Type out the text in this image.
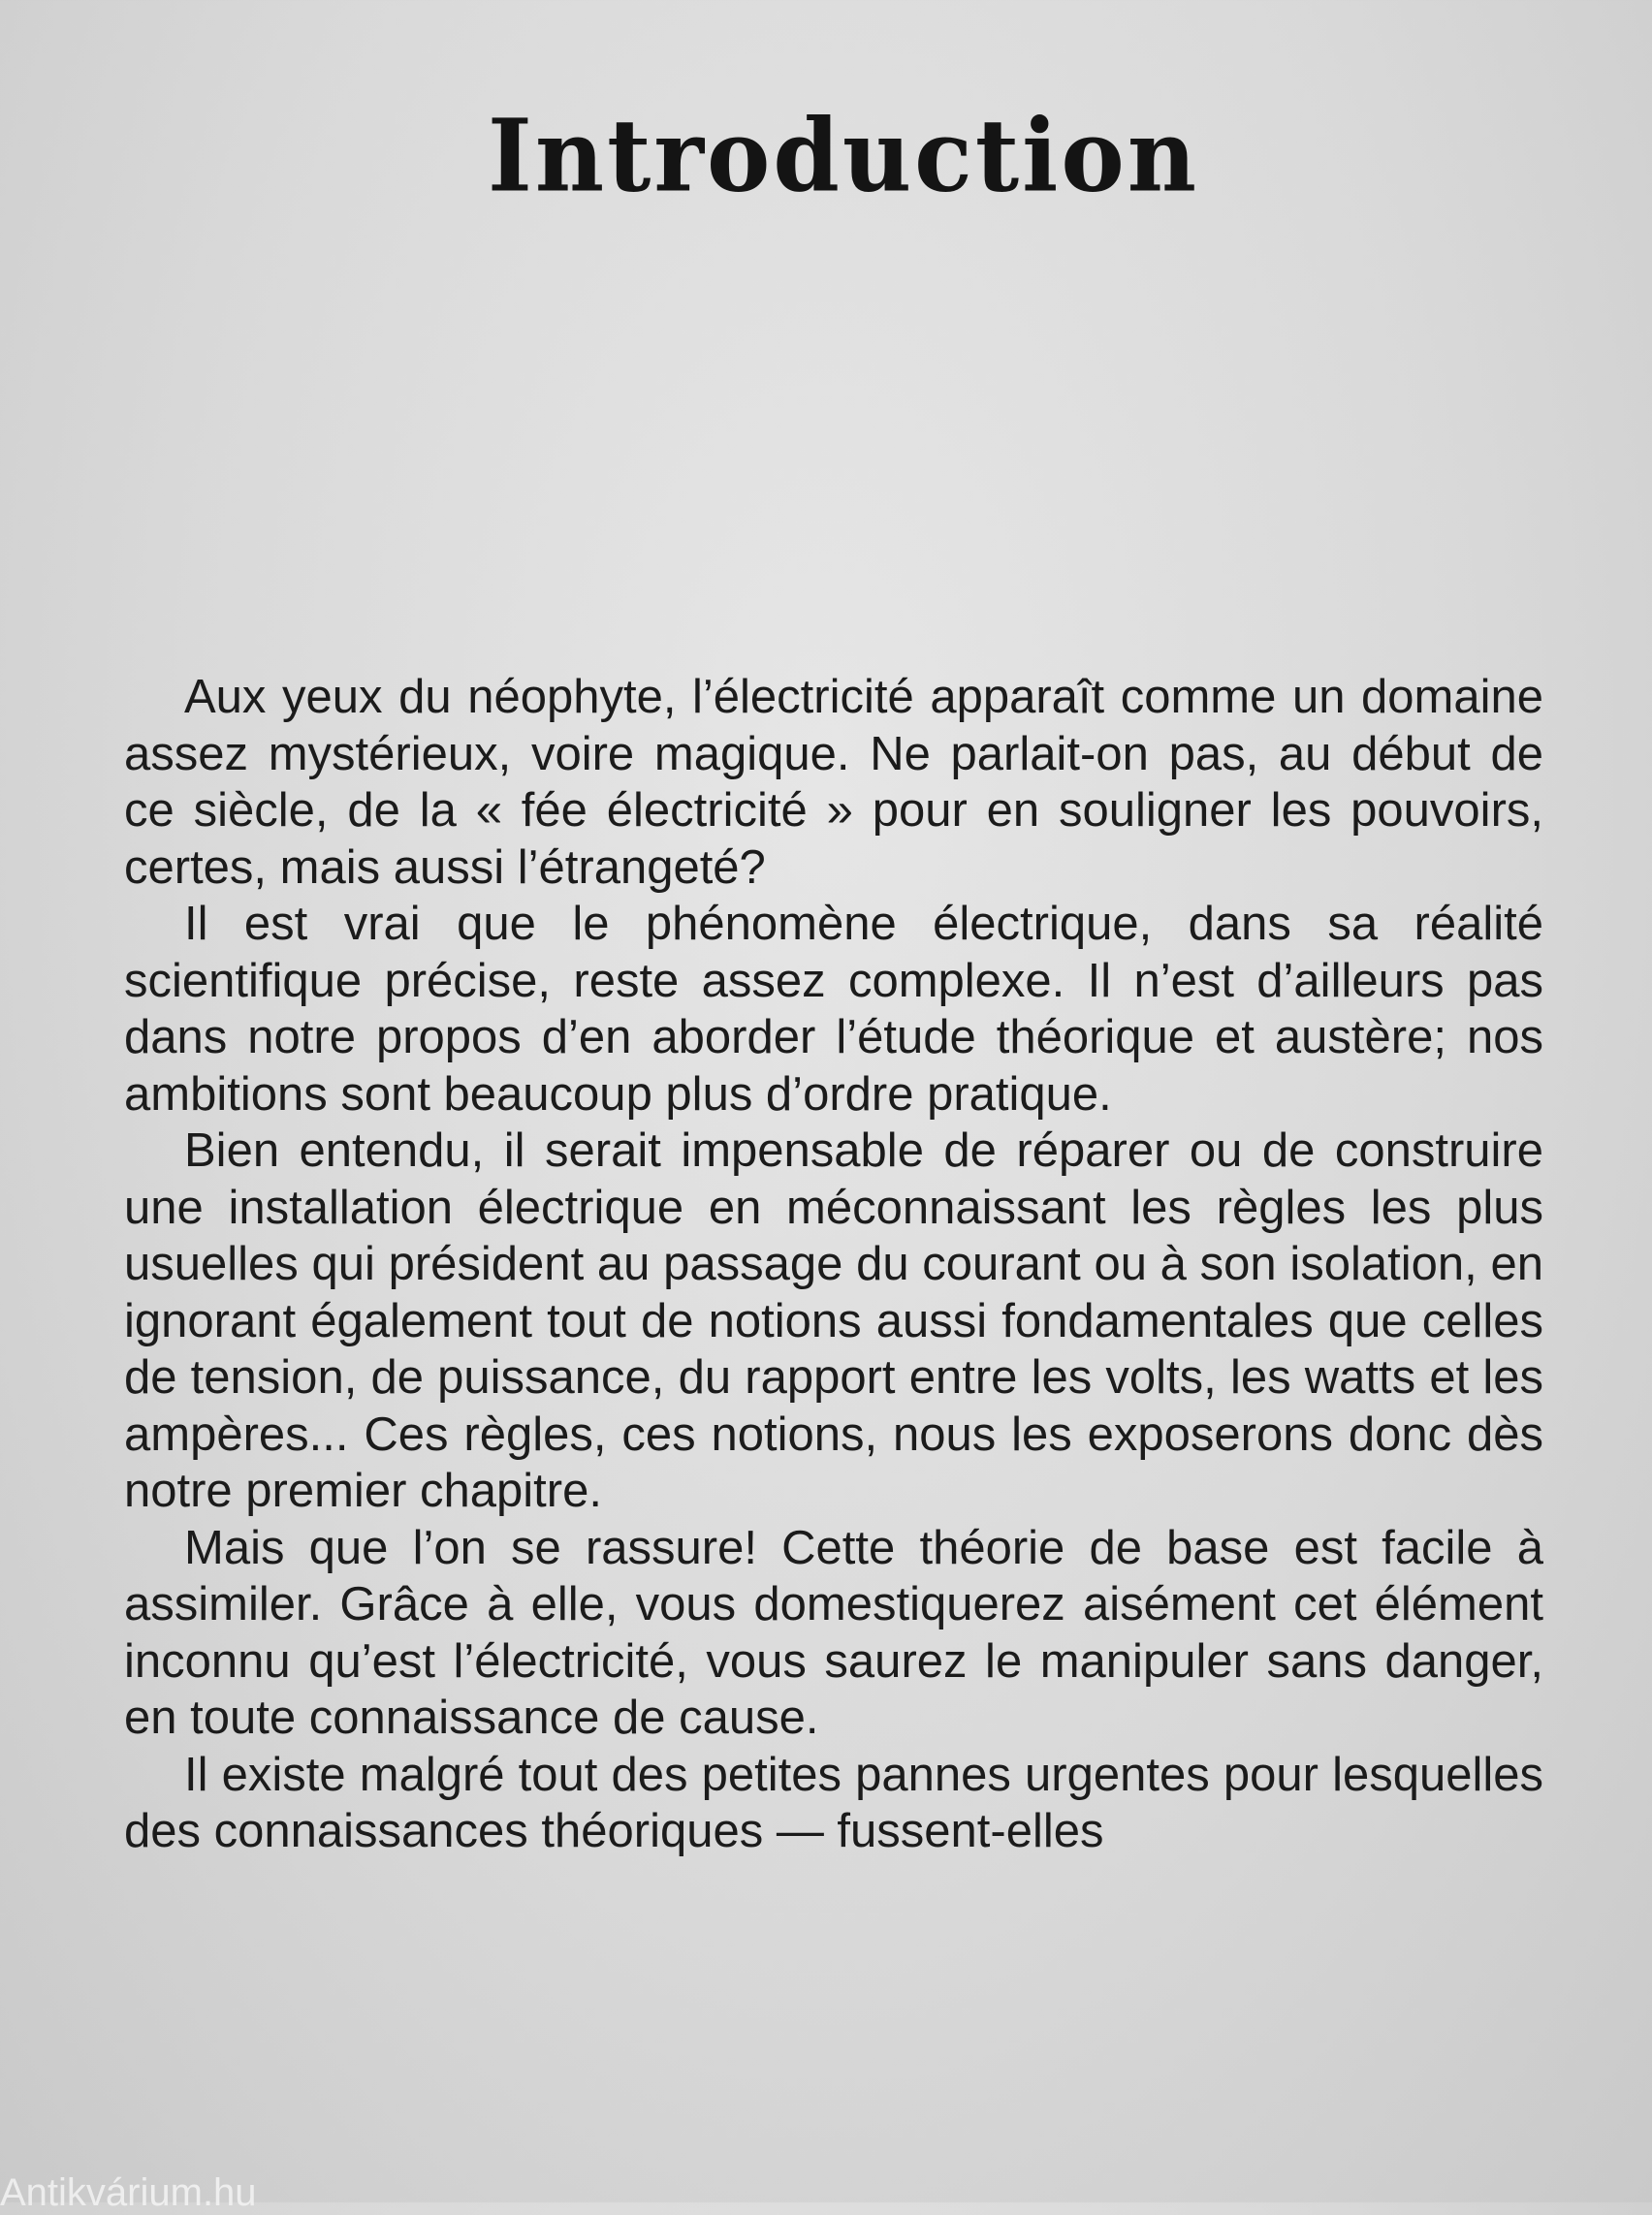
Introduction

Aux yeux du néophyte, l’électricité apparaît comme un domaine assez mystérieux, voire magique. Ne parlait-on pas, au début de ce siècle, de la « fée électricité » pour en souligner les pouvoirs, certes, mais aussi l’étrangeté?

Il est vrai que le phénomène électrique, dans sa réalité scientifique précise, reste assez complexe. Il n’est d’ailleurs pas dans notre propos d’en aborder l’étude théorique et austère; nos ambitions sont beaucoup plus d’ordre pratique.

Bien entendu, il serait impensable de réparer ou de construire une installation électrique en méconnaissant les règles les plus usuelles qui président au passage du courant ou à son isolation, en ignorant également tout de notions aussi fondamentales que celles de tension, de puissance, du rapport entre les volts, les watts et les ampères... Ces règles, ces notions, nous les exposerons donc dès notre premier chapitre.

Mais que l’on se rassure! Cette théorie de base est facile à assimiler. Grâce à elle, vous domestiquerez aisément cet élément inconnu qu’est l’électricité, vous saurez le manipuler sans danger, en toute connaissance de cause.

Il existe malgré tout des petites pannes urgentes pour lesquelles des connaissances théoriques — fussent-elles

Antikvárium.hu
